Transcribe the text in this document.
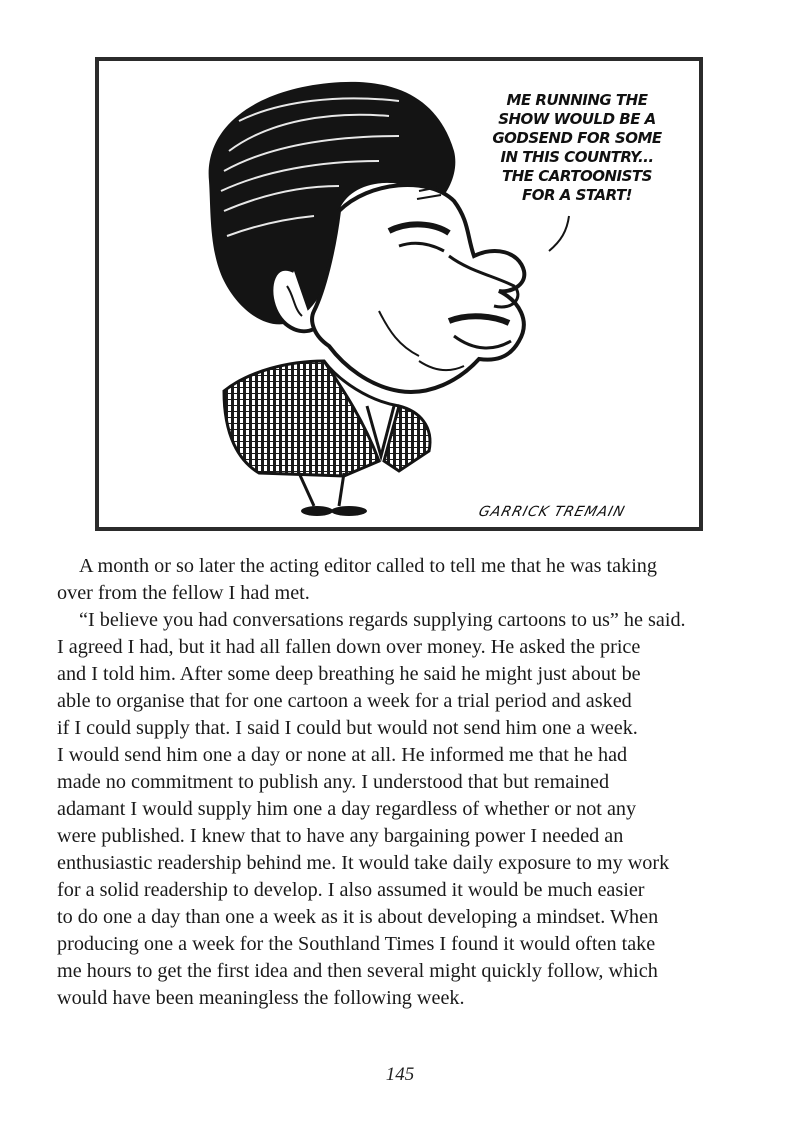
ME RUNNING THE
SHOW WOULD BE A
GODSEND FOR SOME
IN THIS COUNTRY...
THE CARTOONISTS
FOR A START!
GARRICK TREMAIN
A month or so later the acting editor called to tell me that he was taking
over from the fellow I had met.
“I believe you had conversations regards supplying cartoons to us” he said.
I agreed I had, but it had all fallen down over money. He asked the price
and I told him. After some deep breathing he said he might just about be
able to organise that for one cartoon a week for a trial period and asked
if I could supply that. I said I could but would not send him one a week.
I would send him one a day or none at all. He informed me that he had
made no commitment to publish any. I understood that but remained
adamant I would supply him one a day regardless of whether or not any
were published. I knew that to have any bargaining power I needed an
enthusiastic readership behind me. It would take daily exposure to my work
for a solid readership to develop. I also assumed it would be much easier
to do one a day than one a week as it is about developing a mindset. When
producing one a week for the Southland Times I found it would often take
me hours to get the first idea and then several might quickly follow, which
would have been meaningless the following week.
145
